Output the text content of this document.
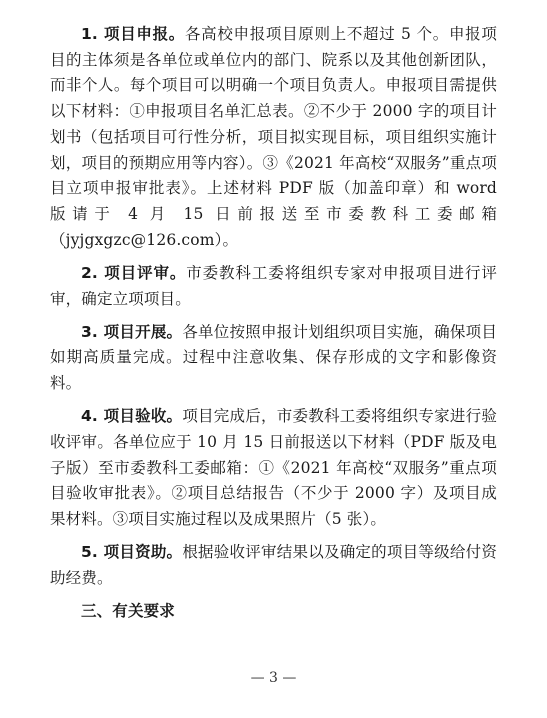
1. 项目申报。各高校申报项目原则上不超过 5 个。申报项目的主体须是各单位或单位内的部门、院系以及其他创新团队，而非个人。每个项目可以明确一个项目负责人。申报项目需提供以下材料：①申报项目名单汇总表。②不少于 2000 字的项目计划书（包括项目可行性分析，项目拟实现目标，项目组织实施计划，项目的预期应用等内容）。③《2021 年高校“双服务”重点项目立项申报审批表》。上述材料 PDF 版（加盖印章）和 word 版请于 4 月 15 日前报送至市委教科工委邮箱（jyjgxgzc@126.com）。

2. 项目评审。市委教科工委将组织专家对申报项目进行评审，确定立项项目。

3. 项目开展。各单位按照申报计划组织项目实施，确保项目如期高质量完成。过程中注意收集、保存形成的文字和影像资料。

4. 项目验收。项目完成后，市委教科工委将组织专家进行验收评审。各单位应于 10 月 15 日前报送以下材料（PDF 版及电子版）至市委教科工委邮箱：①《2021 年高校“双服务”重点项目验收审批表》。②项目总结报告（不少于 2000 字）及项目成果材料。③项目实施过程以及成果照片（5 张）。

5. 项目资助。根据验收评审结果以及确定的项目等级给付资助经费。

三、有关要求
— 3 —
